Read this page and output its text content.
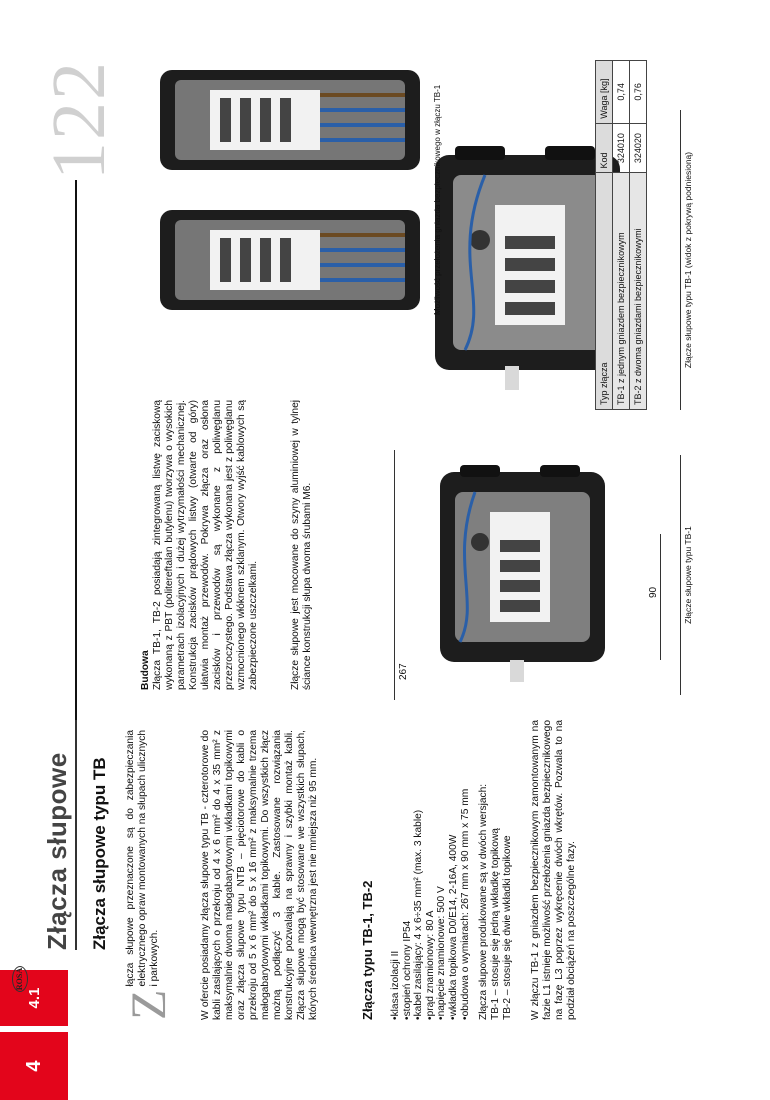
4
4.1
ROSA
Złącza słupowe Złącza słupowe typu TB
122
Z
łącza słupowe przeznaczone są do zabezpieczania elektrycznego opraw montowanych na słupach ulicznych i parkowych.	W ofercie posiadamy złącza słupowe typu TB - czterotorowe do kabli zasilających o przekroju od 4 x 6 mm² do 4 x 35 mm² z maksymalnie dwoma małogabarytowymi wkładkami topikowymi oraz złącza słupowe typu NTB – pięciotorowe do kabli o przekroju od 5 x 6 mm² do 5 x 16 mm² z maksymalnie trzema małogabarytowymi wkładkami topikowymi. Do wszystkich złącz możną podłączyć 3 kable. Zastosowane rozwiązania konstrukcyjne pozwalają na sprawny i szybki montaż kabli. Złącza słupowe mogą być stosowane we wszystkich słupach, których średnica wewnętrzna jest nie mniejsza niż 95 mm.	Złącza typu TB-1, TB-2 • klasa izolacji II • stopień ochrony IP54 • kabel zasilający: 4 x 6÷35 mm² (max. 3 kable) • prąd znamionowy: 80 A • napięcie znamionowe: 500 V • wkładka topikowa D0/E14, 2-16A, 400W • obudowa o wymiarach: 267 mm x 90 mm x 75 mm Złącza słupowe produkowane są w dwóch wersjach: TB-1 – stosuje się jedną wkładkę topikową TB-2 – stosuje się dwie wkładki topikowe W złączu TB-1 z gniazdem bezpiecznikowym zamontowanym na fazie L1 istnieje możliwość przełożenia gniazda bezpiecznikowego na fazę L3 poprzez wykręcenie dwóch wkrętów. Pozwala to na podział obciążeń na poszczególne fazy.
Budowa Złącza TB-1, TB-2 posiadają zintegrowaną listwę zaciskową wykonaną z PBT (politereftalan butylenu) tworzywa o wysokich parametrach izolacyjnych i dużej wytrzymałości mechanicznej. Konstrukcja zacisków prądowych listwy (otwarte od góry) ułatwia montaż przewodów. Pokrywa złącza oraz osłona zacisków i przewodów są wykonane z poliwęglanu przezroczystego. Podstawa złącza wykonana jest z poliwęglanu wzmocnionego włóknem szklanym. Otwory wyjść kablowych są zabezpieczone uszczelkami.	Złącze słupowe jest mocowane do szyny aluminiowej w tylnej ściance konstrukcji słupa dwoma śrubami M6.	267
90	Złącze słupowe typu TB-1
Złącze słupowe typu TB-1 (widok z pokrywą podniesioną)
Możliwość przełożenia gniazda bezpiecznikowego w złączu TB-1
Typ złącza	Kod	Waga [kg]
TB-1 z jednym gniazdem bezpiecznikowym	324010	0,74
TB-2 z dwoma gniazdami bezpiecznikowymi	324020	0,76
